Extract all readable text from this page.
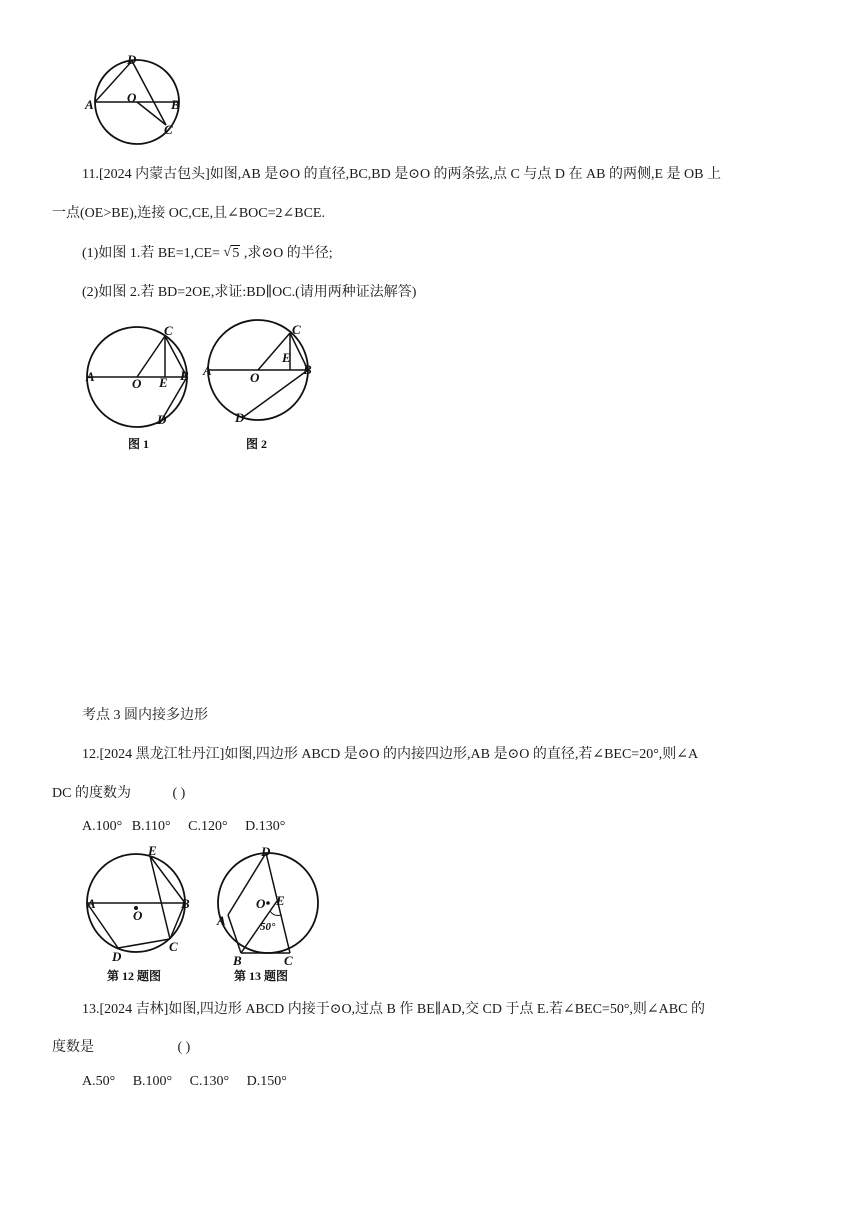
D
A	O	B
C
11.[2024 内蒙古包头]如图,AB 是⊙O 的直径,BC,BD 是⊙O 的两条弦,点 C 与点 D 在 AB 的两侧,E 是 OB 上
一点(OE>BE),连接 OC,CE,且∠BOC=2∠BCE.
(1)如图 1.若 BE=1,CE= √ 5 ,求⊙O 的半径;
(2)如图 2.若 BD=2OE,求证:BD∥OC.(请用两种证法解答)
C
A	O E B
D
图 1
C
E
A	O
B
D
图 2
考点 3 圆内接多边形
12.[2024 黑龙江牡丹江]如图,四边形 ABCD 是⊙O 的内接四边形,AB 是⊙O 的直径,若∠BEC=20°,则∠A
DC 的度数为	( )
A.100° B.110° C.120° D.130°
E
A
O
B
D
C
第 12 题图
D
O E
A	50°
B	C
第 13 题图
13.[2024 吉林]如图,四边形 ABCD 内接于⊙O,过点 B 作 BE∥AD,交 CD 于点 E.若∠BEC=50°,则∠ABC 的
度数是	( )
A.50° B.100° C.130° D.150°
